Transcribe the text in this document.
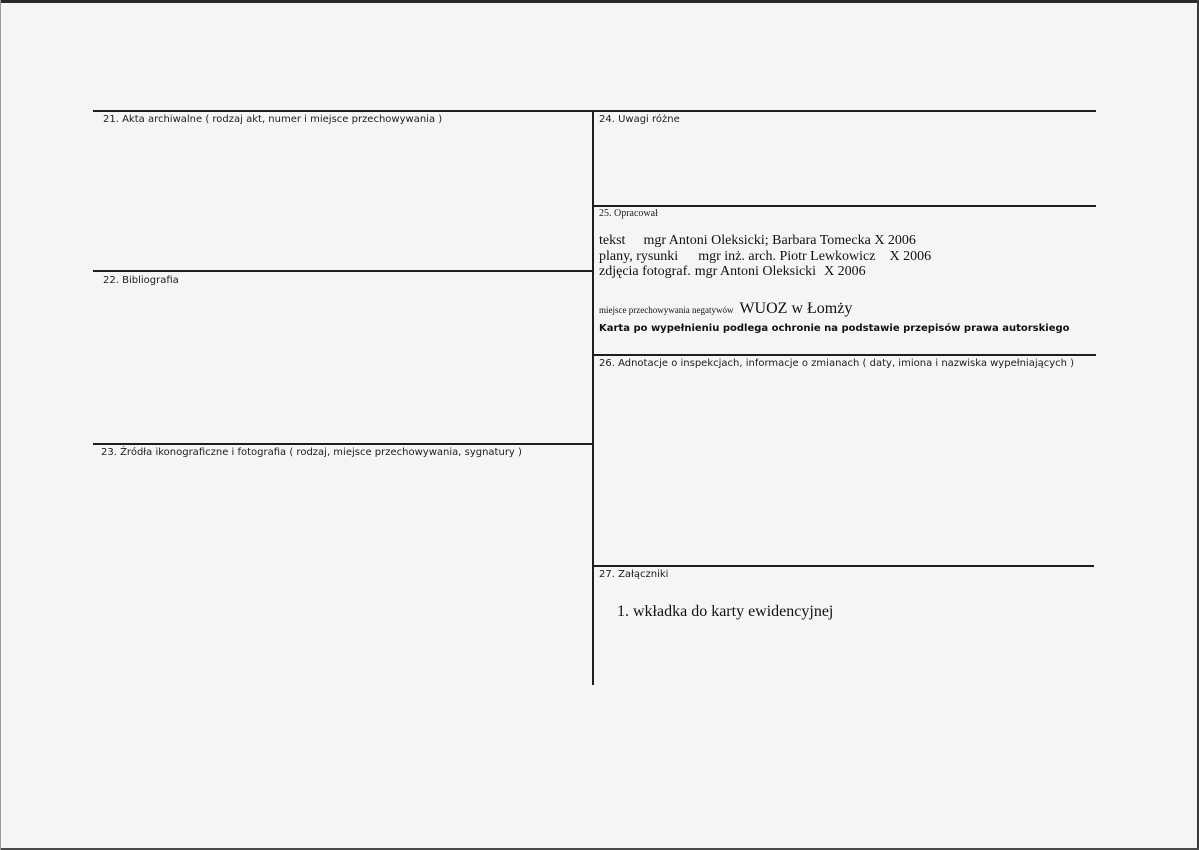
21. Akta archiwalne ( rodzaj akt, numer i miejsce przechowywania )
22. Bibliografia
23. Źródła ikonograficzne i fotografia ( rodzaj, miejsce przechowywania, sygnatury )
24. Uwagi różne
25. Opracował
tekst mgr Antoni Oleksicki; Barbara Tomecka X 2006
plany, rysunki mgr inż. arch. Piotr Lewkowicz X 2006
zdjęcia fotograf. mgr Antoni Oleksicki X 2006
miejsce przechowywania negatywów WUOZ w Łomży
Karta po wypełnieniu podlega ochronie na podstawie przepisów prawa autorskiego
26. Adnotacje o inspekcjach, informacje o zmianach ( daty, imiona i nazwiska wypełniających )
27. Załączniki
1. wkładka do karty ewidencyjnej
